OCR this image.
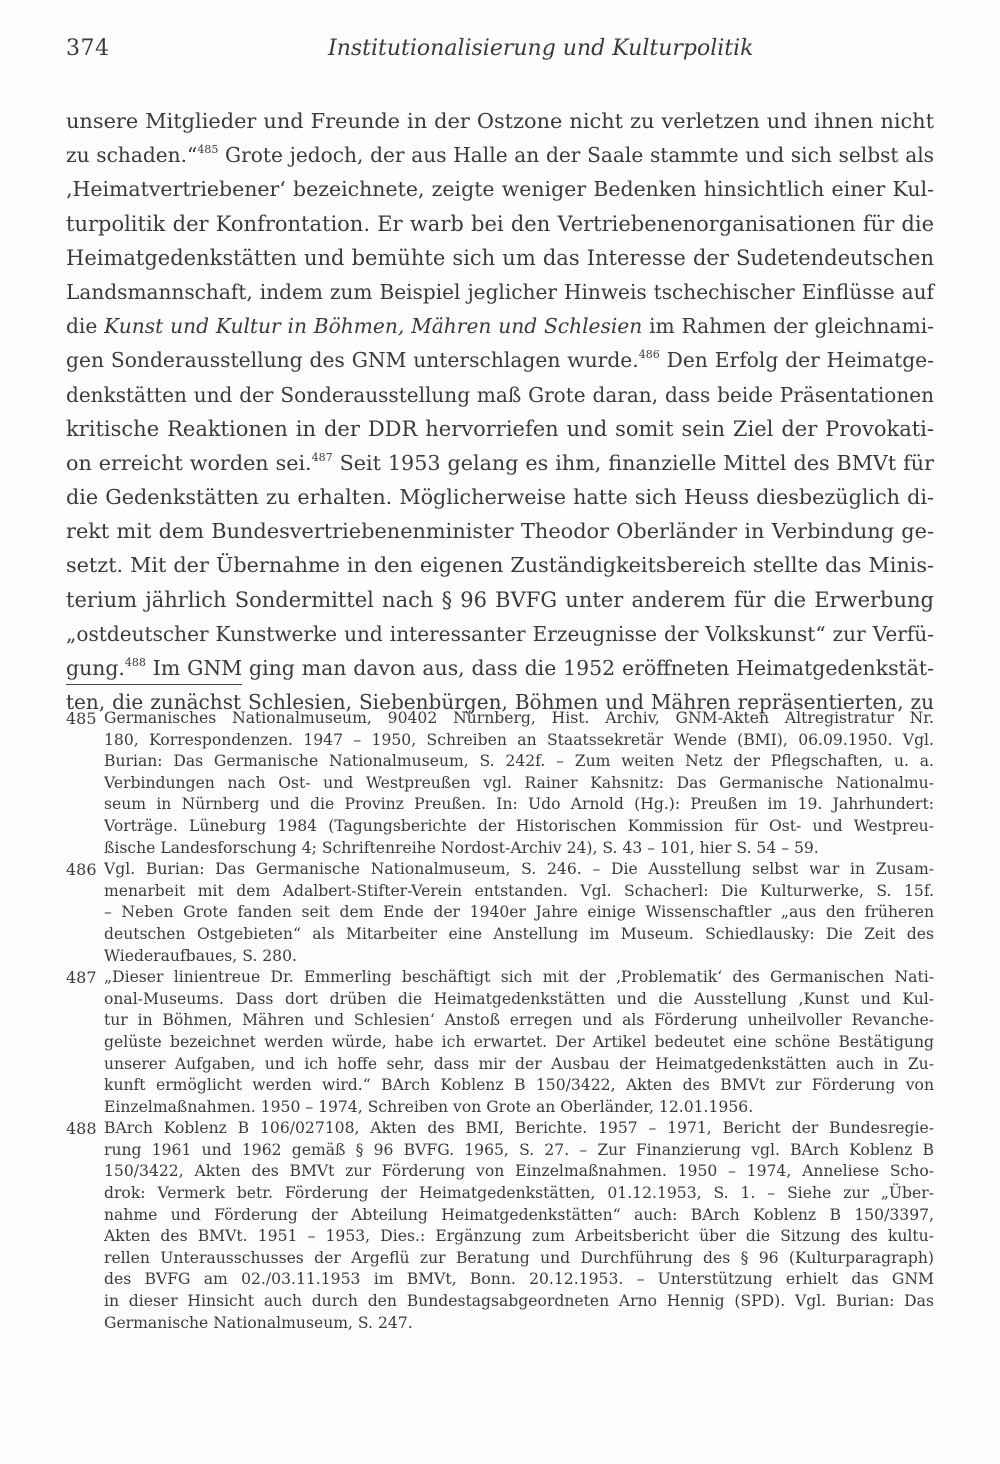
374	Institutionalisierung und Kulturpolitik
unsere Mitglieder und Freunde in der Ostzone nicht zu verletzen und ihnen nicht
zu schaden.“$^{485}$ Grote jedoch, der aus Halle an der Saale stammte und sich selbst als
‚Heimatvertriebener‘ bezeichnete, zeigte weniger Bedenken hinsichtlich einer Kul-
turpolitik der Konfrontation. Er warb bei den Vertriebenenorganisationen für die
Heimatgedenkstätten und bemühte sich um das Interesse der Sudetendeutschen
Landsmannschaft, indem zum Beispiel jeglicher Hinweis tschechischer Einflüsse auf
die Kunst und Kultur in Böhmen, Mähren und Schlesien im Rahmen der gleichnami-
gen Sonderausstellung des GNM unterschlagen wurde.$^{486}$ Den Erfolg der Heimatge-
denkstätten und der Sonderausstellung maß Grote daran, dass beide Präsentationen
kritische Reaktionen in der DDR hervorriefen und somit sein Ziel der Provokati-
on erreicht worden sei.$^{487}$ Seit 1953 gelang es ihm, finanzielle Mittel des BMVt für
die Gedenkstätten zu erhalten. Möglicherweise hatte sich Heuss diesbezüglich di-
rekt mit dem Bundesvertriebenenminister Theodor Oberländer in Verbindung ge-
setzt. Mit der Übernahme in den eigenen Zuständigkeitsbereich stellte das Minis-
terium jährlich Sondermittel nach § 96 BVFG unter anderem für die Erwerbung
„ostdeutscher Kunstwerke und interessanter Erzeugnisse der Volkskunst“ zur Verfü-
gung.$^{488}$ Im GNM ging man davon aus, dass die 1952 eröffneten Heimatgedenkstät-
ten, die zunächst Schlesien, Siebenbürgen, Böhmen und Mähren repräsentierten, zu
485 Germanisches Nationalmuseum, 90402 Nürnberg, Hist. Archiv, GNM-Akten Altregistratur Nr.
180, Korrespondenzen. 1947 – 1950, Schreiben an Staatssekretär Wende (BMI), 06.09.1950. Vgl.
Burian: Das Germanische Nationalmuseum, S. 242f. – Zum weiten Netz der Pflegschaften, u. a.
Verbindungen nach Ost- und Westpreußen vgl. Rainer Kahsnitz: Das Germanische Nationalmu-
seum in Nürnberg und die Provinz Preußen. In: Udo Arnold (Hg.): Preußen im 19. Jahrhundert:
Vorträge. Lüneburg 1984 (Tagungsberichte der Historischen Kommission für Ost- und Westpreu-
ßische Landesforschung 4; Schriftenreihe Nordost-Archiv 24), S. 43 – 101, hier S. 54 – 59.
486 Vgl. Burian: Das Germanische Nationalmuseum, S. 246. – Die Ausstellung selbst war in Zusam-
menarbeit mit dem Adalbert-Stifter-Verein entstanden. Vgl. Schacherl: Die Kulturwerke, S. 15f.
– Neben Grote fanden seit dem Ende der 1940er Jahre einige Wissenschaftler „aus den früheren
deutschen Ostgebieten“ als Mitarbeiter eine Anstellung im Museum. Schiedlausky: Die Zeit des
Wiederaufbaues, S. 280.
487 „Dieser linientreue Dr. Emmerling beschäftigt sich mit der ‚Problematik‘ des Germanischen Nati-
onal-Museums. Dass dort drüben die Heimatgedenkstätten und die Ausstellung ‚Kunst und Kul-
tur in Böhmen, Mähren und Schlesien‘ Anstoß erregen und als Förderung unheilvoller Revanche-
gelüste bezeichnet werden würde, habe ich erwartet. Der Artikel bedeutet eine schöne Bestätigung
unserer Aufgaben, und ich hoffe sehr, dass mir der Ausbau der Heimatgedenkstätten auch in Zu-
kunft ermöglicht werden wird.“ BArch Koblenz B 150/3422, Akten des BMVt zur Förderung von
Einzelmaßnahmen. 1950 – 1974, Schreiben von Grote an Oberländer, 12.01.1956.
488 BArch Koblenz B 106/027108, Akten des BMI, Berichte. 1957 – 1971, Bericht der Bundesregie-
rung 1961 und 1962 gemäß § 96 BVFG. 1965, S. 27. – Zur Finanzierung vgl. BArch Koblenz B
150/3422, Akten des BMVt zur Förderung von Einzelmaßnahmen. 1950 – 1974, Anneliese Scho-
drok: Vermerk betr. Förderung der Heimatgedenkstätten, 01.12.1953, S. 1. – Siehe zur „Über-
nahme und Förderung der Abteilung Heimatgedenkstätten“ auch: BArch Koblenz B 150/3397,
Akten des BMVt. 1951 – 1953, Dies.: Ergänzung zum Arbeitsbericht über die Sitzung des kultu-
rellen Unterausschusses der Argeflü zur Beratung und Durchführung des § 96 (Kulturparagraph)
des BVFG am 02./03.11.1953 im BMVt, Bonn. 20.12.1953. – Unterstützung erhielt das GNM
in dieser Hinsicht auch durch den Bundestagsabgeordneten Arno Hennig (SPD). Vgl. Burian: Das
Germanische Nationalmuseum, S. 247.
